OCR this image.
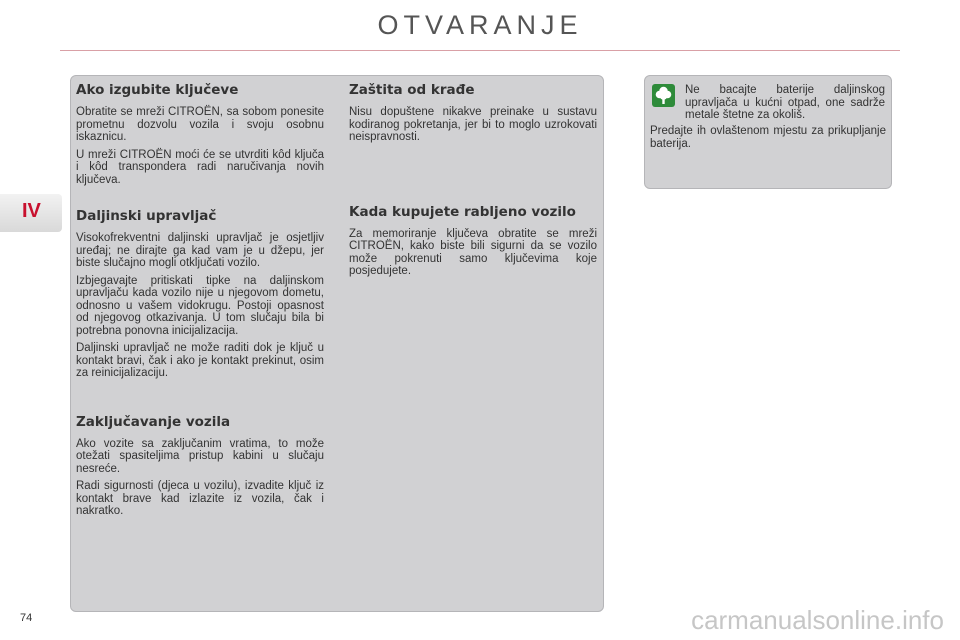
OTVARANJE
IV
Ako izgubite ključeve

Obratite se mreži CITROËN, sa sobom ponesite prometnu dozvolu vozila i svoju osobnu iskaznicu.

U mreži CITROËN moći će se utvrditi kôd ključa i kôd transpondera radi naručivanja novih ključeva.

Daljinski upravljač

Visokofrekventni daljinski upravljač je osjetljiv uređaj; ne dirajte ga kad vam je u džepu, jer biste slučajno mogli otključati vozilo.

Izbjegavajte pritiskati tipke na daljinskom upravljaču kada vozilo nije u njegovom dometu, odnosno u vašem vidokrugu. Postoji opasnost od njegovog otkazivanja. U tom slučaju bila bi potrebna ponovna inicijalizacija.

Daljinski upravljač ne može raditi dok je ključ u kontakt bravi, čak i ako je kontakt prekinut, osim za reinicijalizaciju.

Zaključavanje vozila

Ako vozite sa zaključanim vratima, to može otežati spasiteljima pristup kabini u slučaju nesreće.

Radi sigurnosti (djeca u vozilu), izvadite ključ iz kontakt brave kad izlazite iz vozila, čak i nakratko.

Zaštita od krađe

Nisu dopuštene nikakve preinake u sustavu kodiranog pokretanja, jer bi to moglo uzrokovati neispravnosti.

Kada kupujete rabljeno vozilo

Za memoriranje ključeva obratite se mreži CITROËN, kako biste bili sigurni da se vozilo može pokrenuti samo ključevima koje posjedujete.

Ne bacajte baterije daljinskog upravljača u kućni otpad, one sadrže metale štetne za okoliš.

Predajte ih ovlaštenom mjestu za prikupljanje baterija.

74	carmanualsonline.info
